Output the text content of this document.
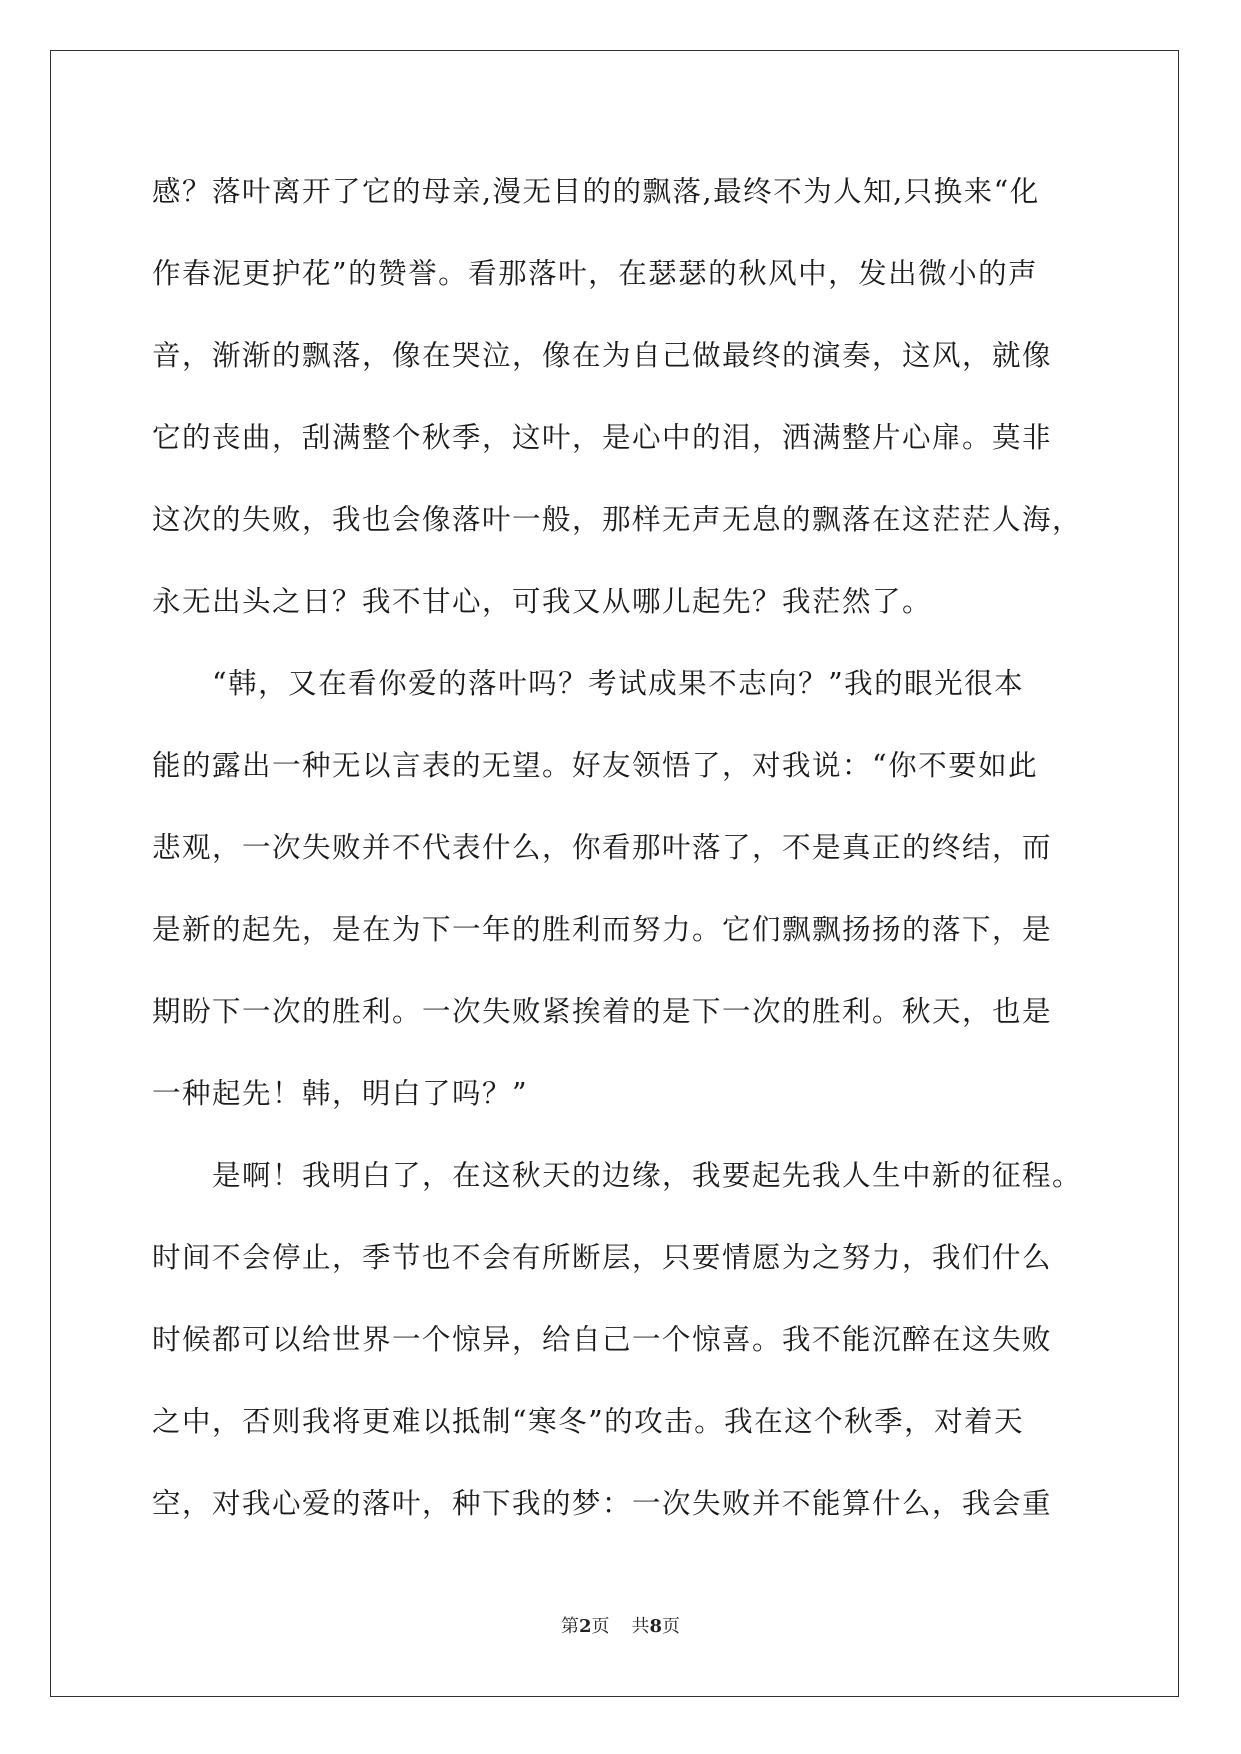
感？落叶离开了它的母亲,漫无目的的飘落,最终不为人知,只换来“化
作春泥更护花”的赞誉。看那落叶，在瑟瑟的秋风中，发出微小的声
音，渐渐的飘落，像在哭泣，像在为自己做最终的演奏，这风，就像
它的丧曲，刮满整个秋季，这叶，是心中的泪，洒满整片心扉。莫非
这次的失败，我也会像落叶一般，那样无声无息的飘落在这茫茫人海，
永无出头之日？我不甘心，可我又从哪儿起先？我茫然了。
“韩，又在看你爱的落叶吗？考试成果不志向？”我的眼光很本
能的露出一种无以言表的无望。好友领悟了，对我说：“你不要如此
悲观，一次失败并不代表什么，你看那叶落了，不是真正的终结，而
是新的起先，是在为下一年的胜利而努力。它们飘飘扬扬的落下，是
期盼下一次的胜利。一次失败紧挨着的是下一次的胜利。秋天，也是
一种起先！韩，明白了吗？”
是啊！我明白了，在这秋天的边缘，我要起先我人生中新的征程。
时间不会停止，季节也不会有所断层，只要情愿为之努力，我们什么
时候都可以给世界一个惊异，给自己一个惊喜。我不能沉醉在这失败
之中，否则我将更难以抵制“寒冬”的攻击。我在这个秋季，对着天
空，对我心爱的落叶，种下我的梦：一次失败并不能算什么，我会重
第2页 共8页
